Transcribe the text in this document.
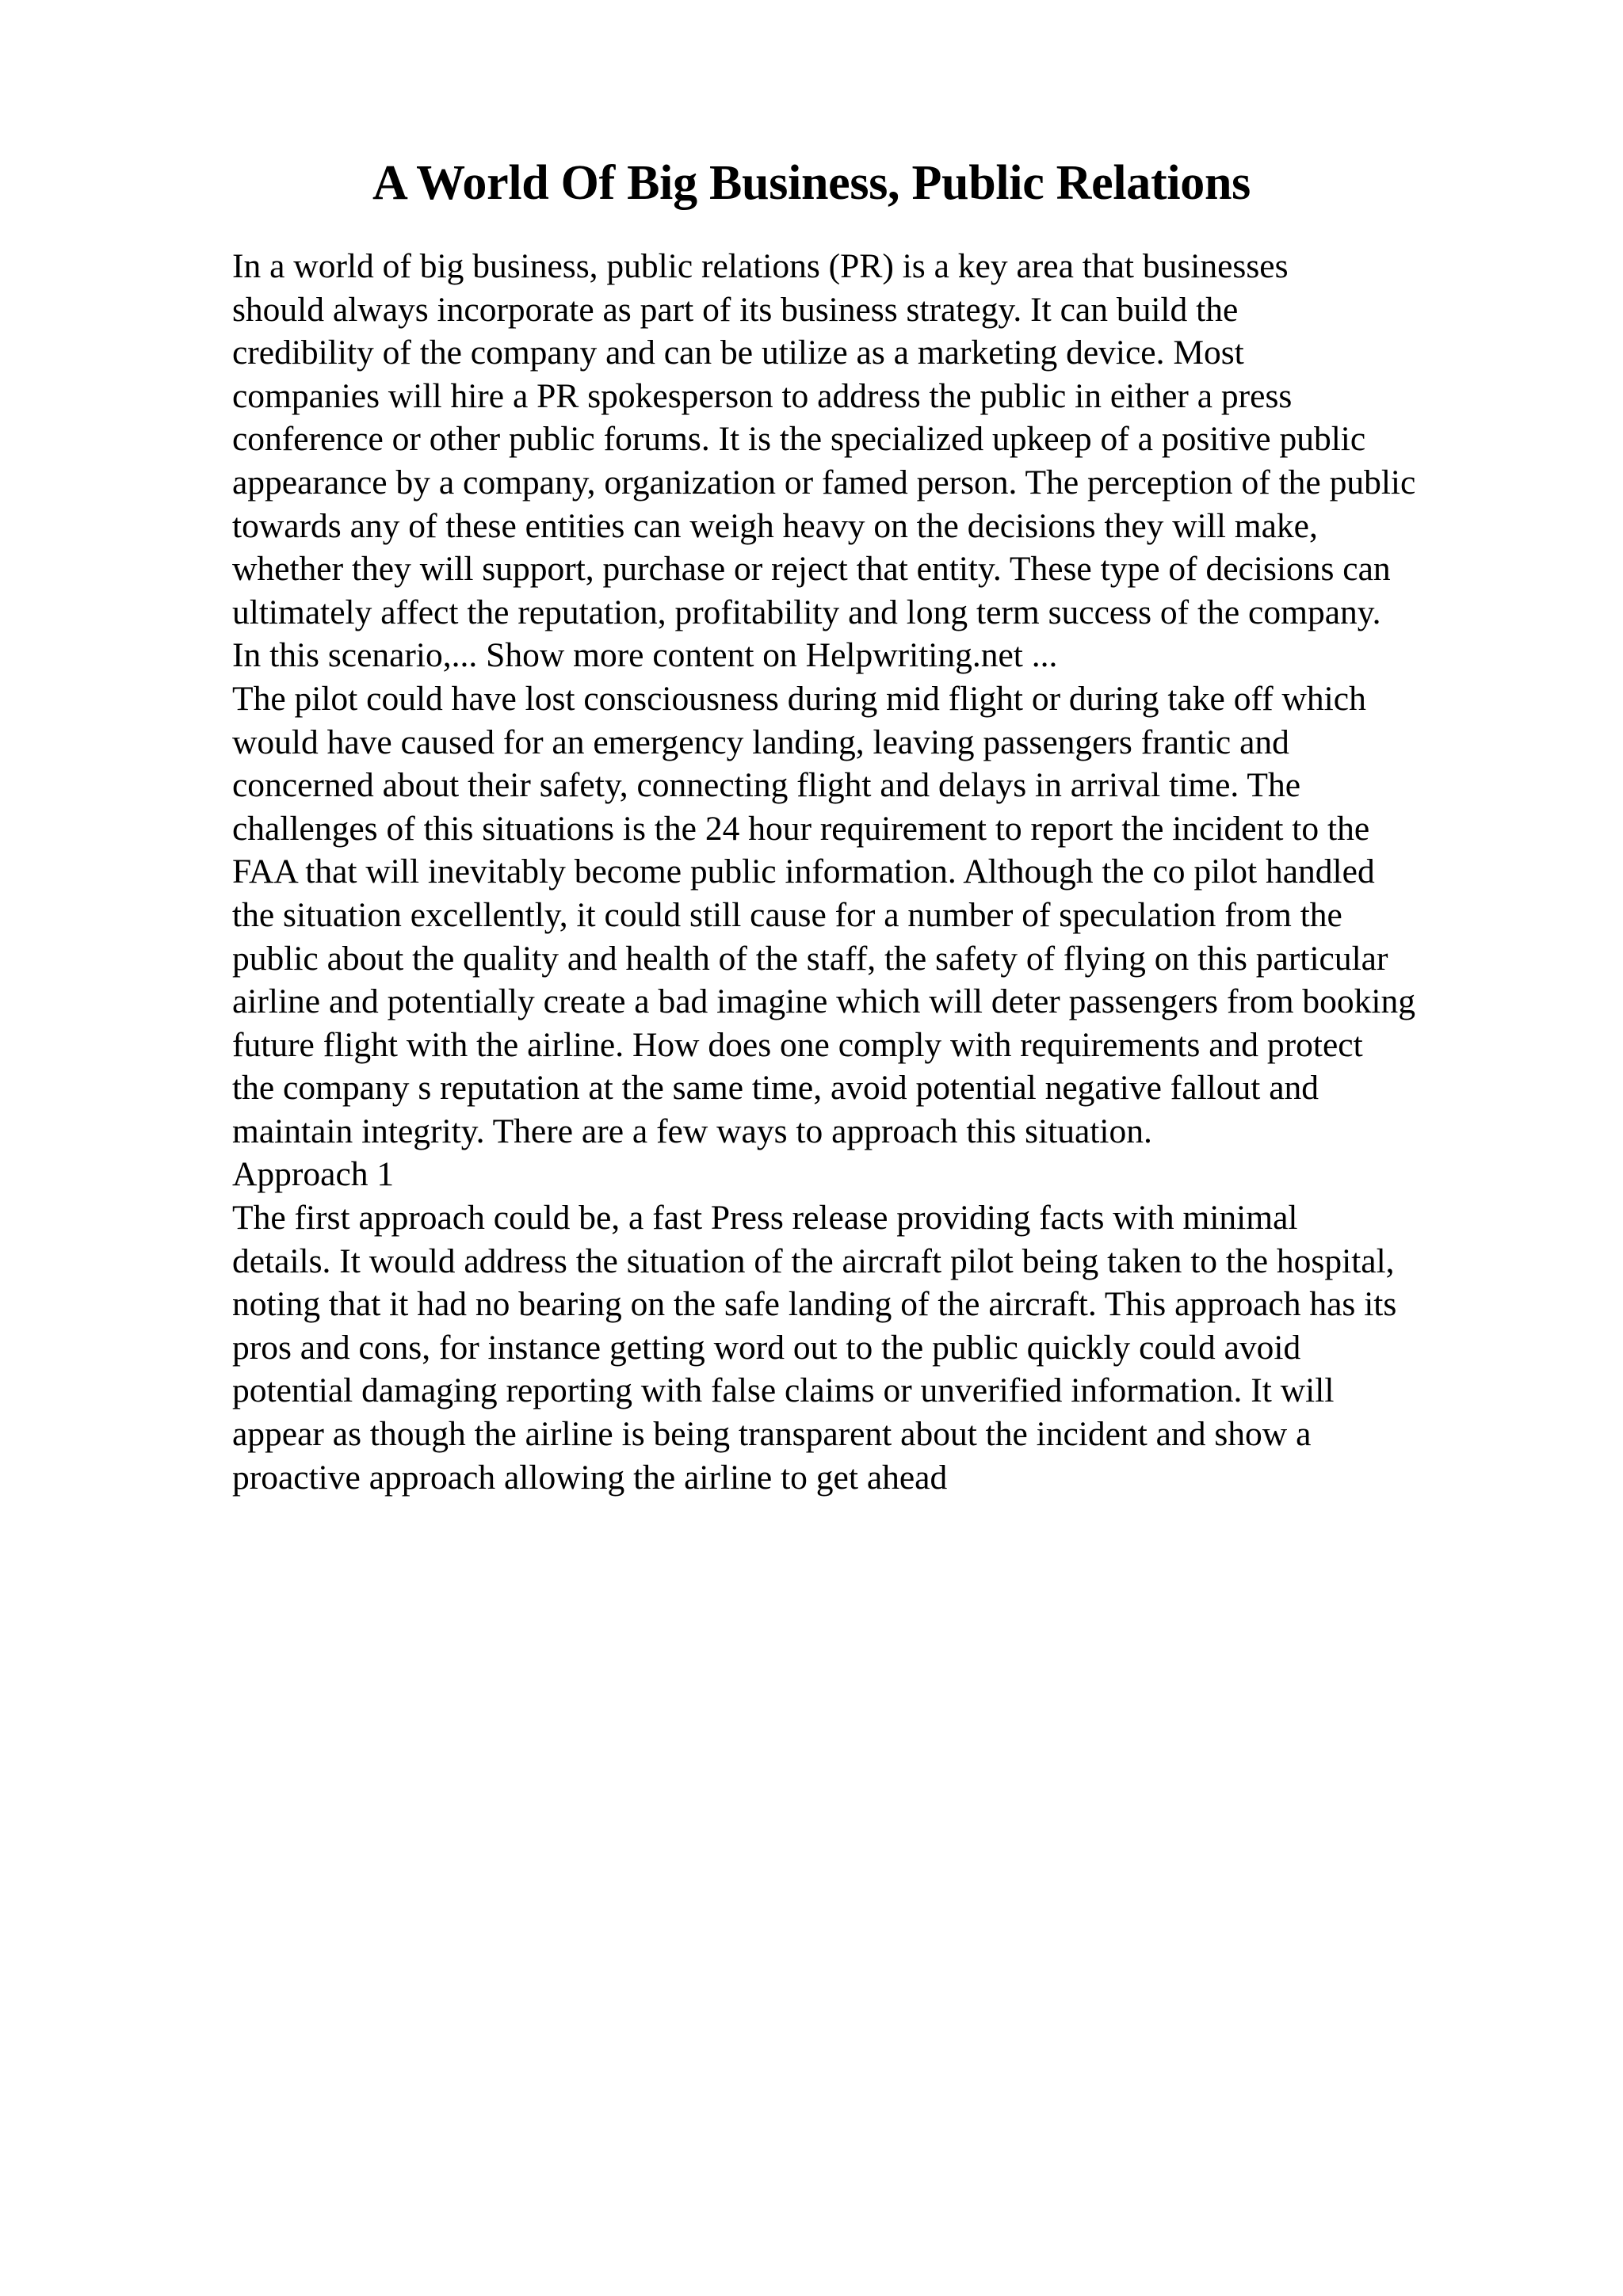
A World Of Big Business, Public Relations
In a world of big business, public relations (PR) is a key area that businesses
should always incorporate as part of its business strategy. It can build the
credibility of the company and can be utilize as a marketing device. Most
companies will hire a PR spokesperson to address the public in either a press
conference or other public forums. It is the specialized upkeep of a positive public
appearance by a company, organization or famed person. The perception of the public
towards any of these entities can weigh heavy on the decisions they will make,
whether they will support, purchase or reject that entity. These type of decisions can
ultimately affect the reputation, profitability and long term success of the company.
In this scenario,... Show more content on Helpwriting.net ...
The pilot could have lost consciousness during mid flight or during take off which
would have caused for an emergency landing, leaving passengers frantic and
concerned about their safety, connecting flight and delays in arrival time. The
challenges of this situations is the 24 hour requirement to report the incident to the
FAA that will inevitably become public information. Although the co pilot handled
the situation excellently, it could still cause for a number of speculation from the
public about the quality and health of the staff, the safety of flying on this particular
airline and potentially create a bad imagine which will deter passengers from booking
future flight with the airline. How does one comply with requirements and protect
the company s reputation at the same time, avoid potential negative fallout and
maintain integrity. There are a few ways to approach this situation.
Approach 1
The first approach could be, a fast Press release providing facts with minimal
details. It would address the situation of the aircraft pilot being taken to the hospital,
noting that it had no bearing on the safe landing of the aircraft. This approach has its
pros and cons, for instance getting word out to the public quickly could avoid
potential damaging reporting with false claims or unverified information. It will
appear as though the airline is being transparent about the incident and show a
proactive approach allowing the airline to get ahead
